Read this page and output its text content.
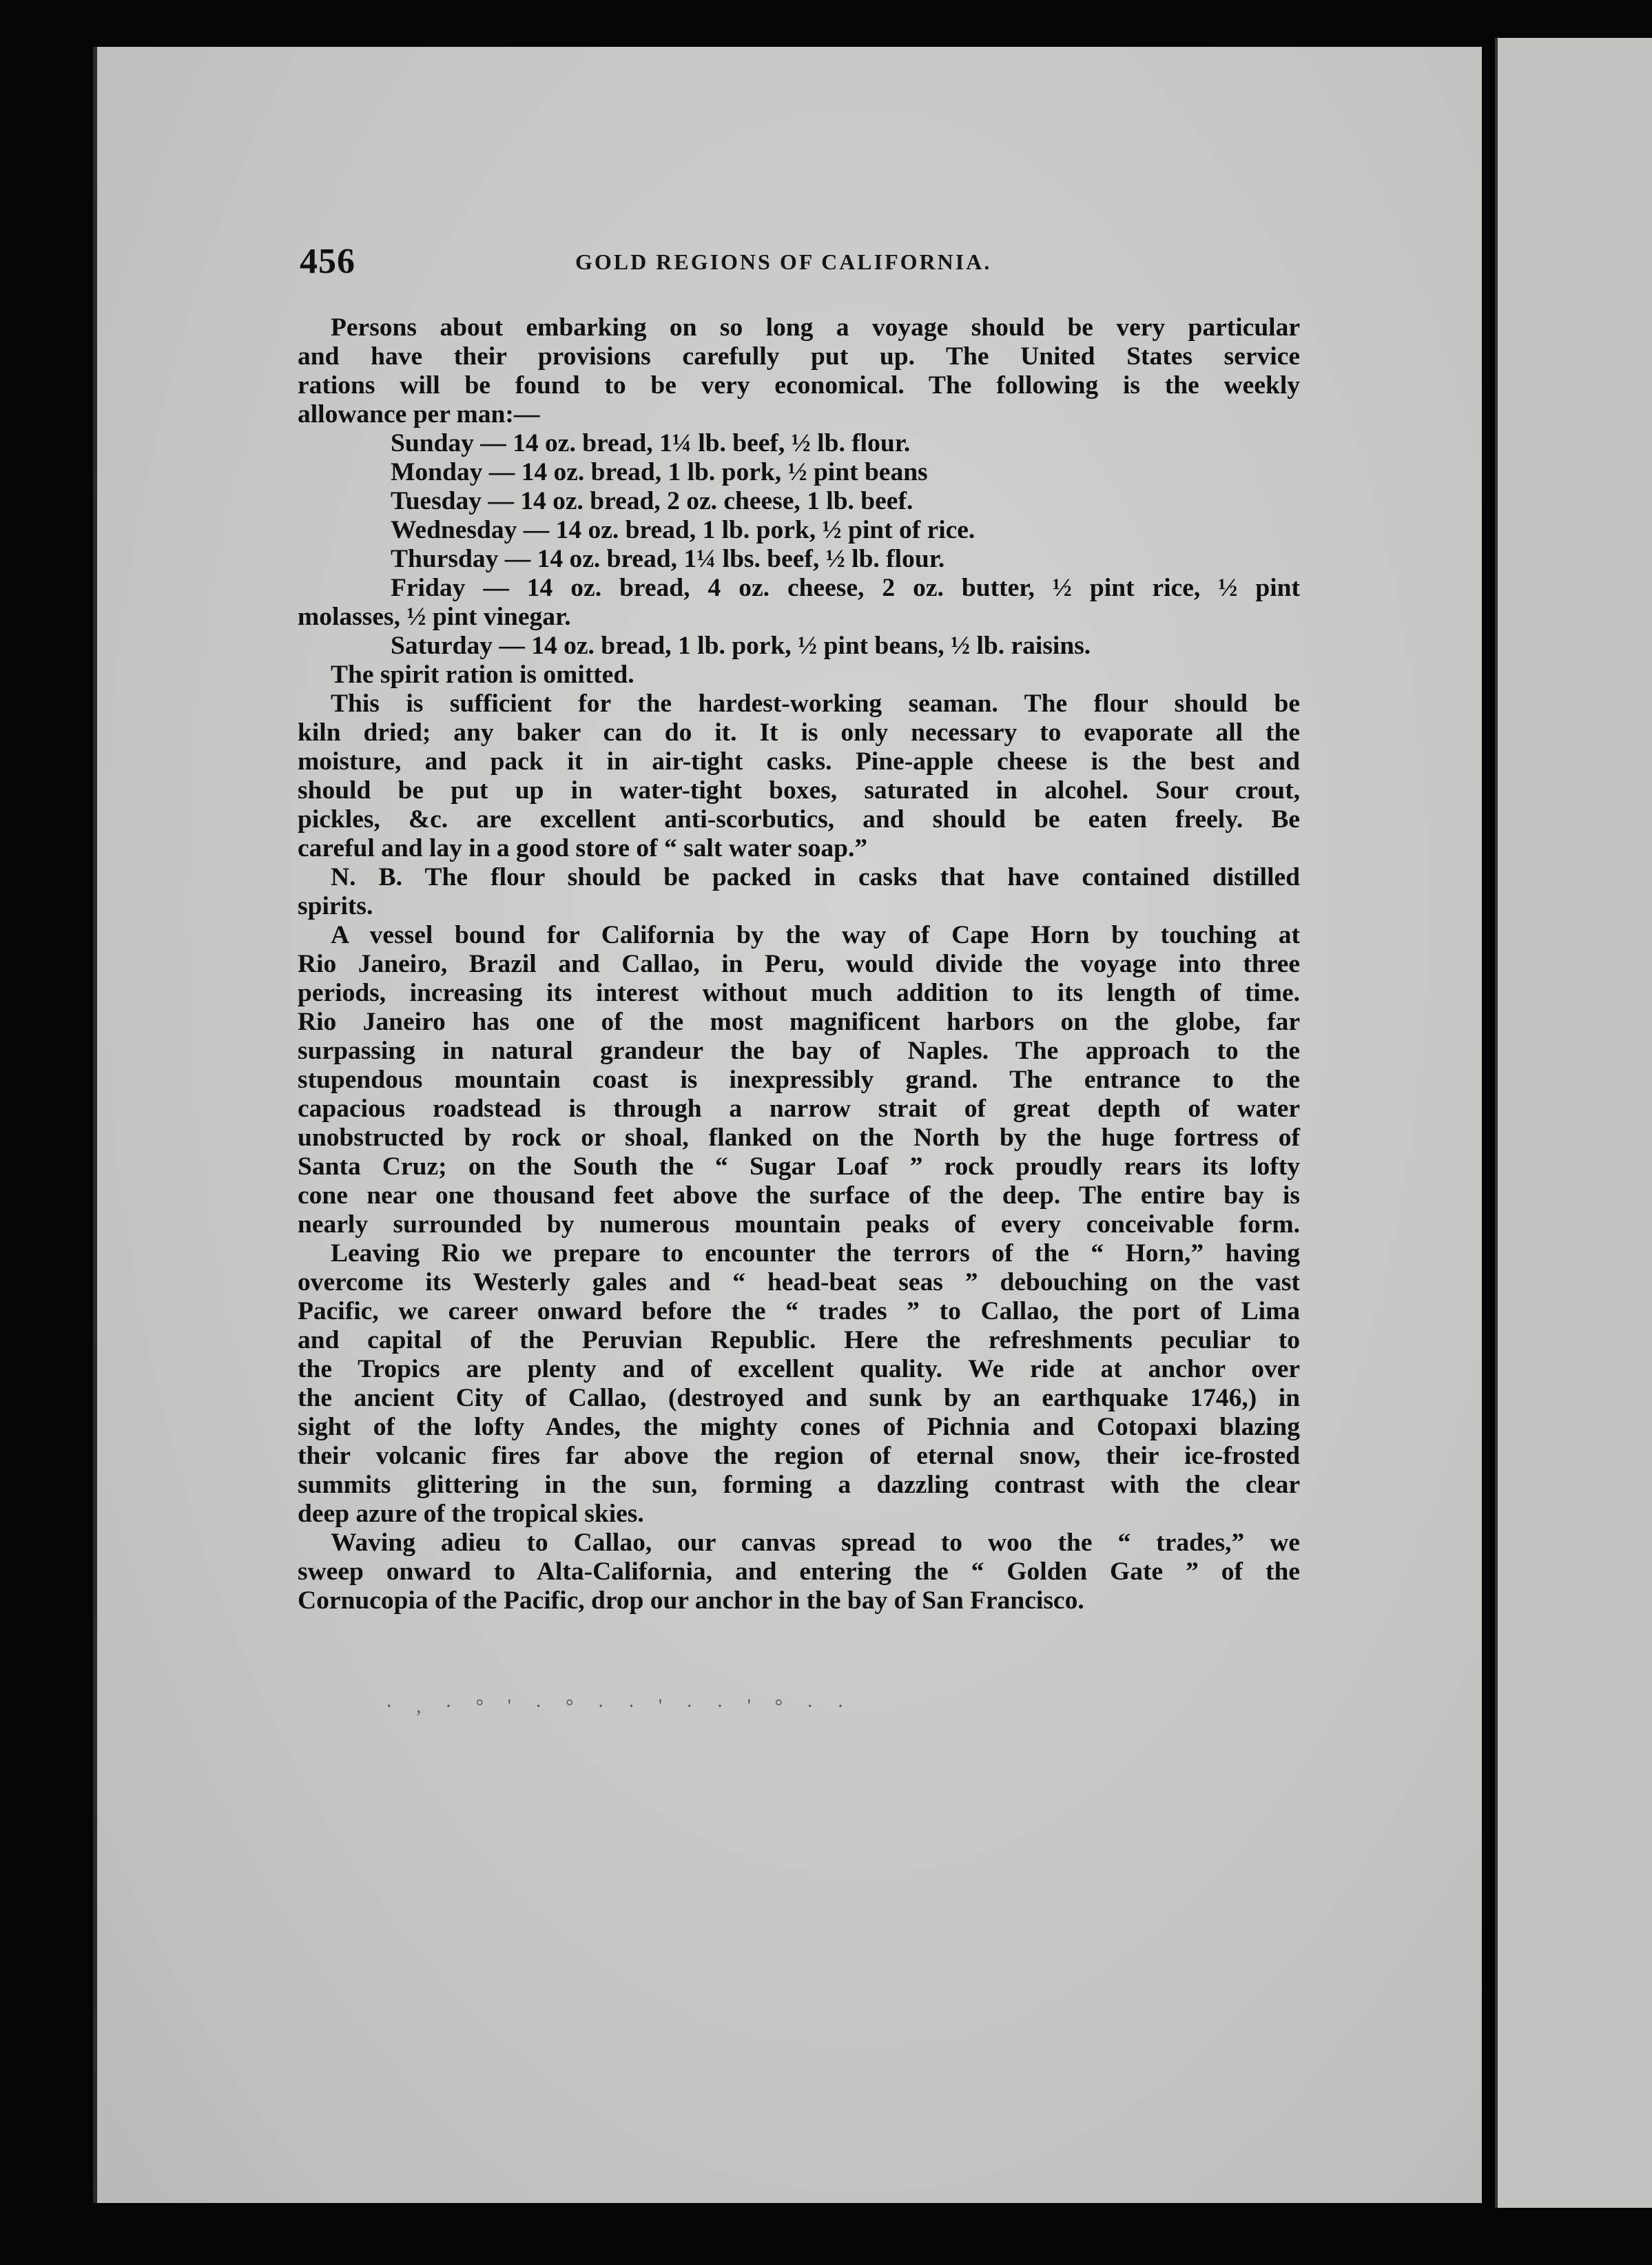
456	GOLD REGIONS OF CALIFORNIA.
Persons about embarking on so long a voyage should be very particular
and have their provisions carefully put up. The United States service
rations will be found to be very economical. The following is the weekly
allowance per man:—
Sunday — 14 oz. bread, 1¼ lb. beef, ½ lb. flour.
Monday — 14 oz. bread, 1 lb. pork, ½ pint beans
Tuesday — 14 oz. bread, 2 oz. cheese, 1 lb. beef.
Wednesday — 14 oz. bread, 1 lb. pork, ½ pint of rice.
Thursday — 14 oz. bread, 1¼ lbs. beef, ½ lb. flour.
Friday — 14 oz. bread, 4 oz. cheese, 2 oz. butter, ½ pint rice, ½ pint
molasses, ½ pint vinegar.
Saturday — 14 oz. bread, 1 lb. pork, ½ pint beans, ½ lb. raisins.
The spirit ration is omitted.
This is sufficient for the hardest-working seaman. The flour should be
kiln dried; any baker can do it. It is only necessary to evaporate all the
moisture, and pack it in air-tight casks. Pine-apple cheese is the best and
should be put up in water-tight boxes, saturated in alcohel. Sour crout,
pickles, &c. are excellent anti-scorbutics, and should be eaten freely. Be
careful and lay in a good store of “ salt water soap.”
N. B. The flour should be packed in casks that have contained distilled
spirits.
A vessel bound for California by the way of Cape Horn by touching at
Rio Janeiro, Brazil and Callao, in Peru, would divide the voyage into three
periods, increasing its interest without much addition to its length of time.
Rio Janeiro has one of the most magnificent harbors on the globe, far
surpassing in natural grandeur the bay of Naples. The approach to the
stupendous mountain coast is inexpressibly grand. The entrance to the
capacious roadstead is through a narrow strait of great depth of water
unobstructed by rock or shoal, flanked on the North by the huge fortress of
Santa Cruz; on the South the “ Sugar Loaf ” rock proudly rears its lofty
cone near one thousand feet above the surface of the deep. The entire bay is
nearly surrounded by numerous mountain peaks of every conceivable form.
Leaving Rio we prepare to encounter the terrors of the “ Horn,” having
overcome its Westerly gales and “ head-beat seas ” debouching on the vast
Pacific, we career onward before the “ trades ” to Callao, the port of Lima
and capital of the Peruvian Republic. Here the refreshments peculiar to
the Tropics are plenty and of excellent quality. We ride at anchor over
the ancient City of Callao, (destroyed and sunk by an earthquake 1746,) in
sight of the lofty Andes, the mighty cones of Pichnia and Cotopaxi blazing
their volcanic fires far above the region of eternal snow, their ice-frosted
summits glittering in the sun, forming a dazzling contrast with the clear
deep azure of the tropical skies.
Waving adieu to Callao, our canvas spread to woo the “ trades,” we
sweep onward to Alta-California, and entering the “ Golden Gate ” of the
Cornucopia of the Pacific, drop our anchor in the bay of San Francisco.
· , · ° ' · ° · · ' · · ' ° · ·
